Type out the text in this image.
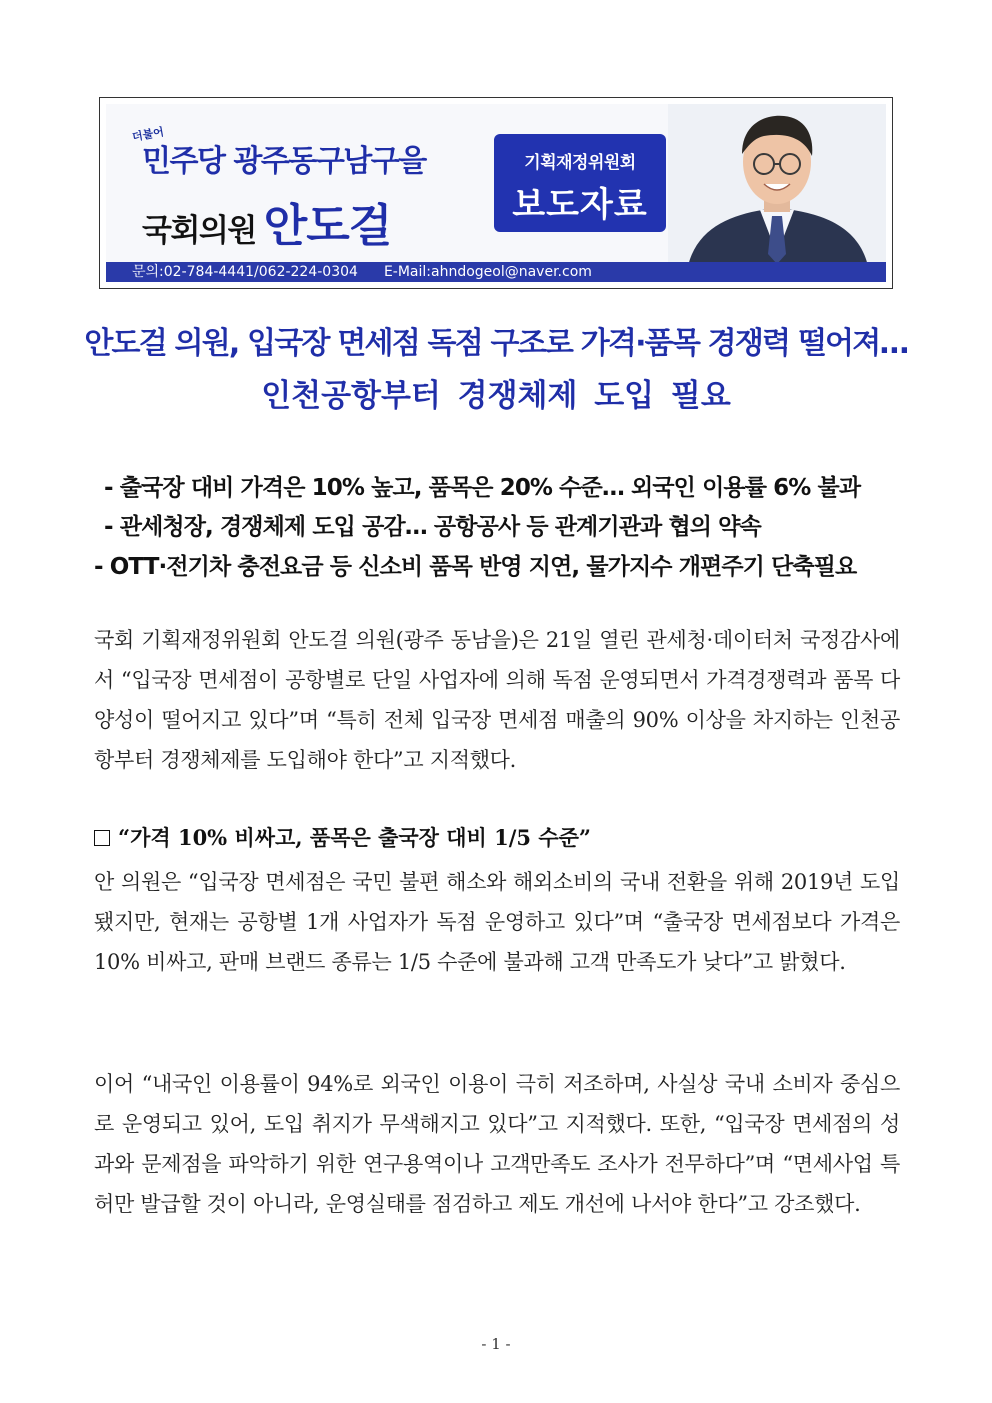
더불어
민주당 광주동구남구을
국회의원 안도걸
기획재정위원회
보도자료
문의:02-784-4441/062-224-0304 E-Mail:ahndogeol@naver.com
안도걸 의원, 입국장 면세점 독점 구조로 가격·품목 경쟁력 떨어져…
인천공항부터 경쟁체제 도입 필요
- 출국장 대비 가격은 10% 높고, 품목은 20% 수준… 외국인 이용률 6% 불과
- 관세청장, 경쟁체제 도입 공감… 공항공사 등 관계기관과 협의 약속
- OTT·전기차 충전요금 등 신소비 품목 반영 지연, 물가지수 개편주기 단축필요
국회 기획재정위원회 안도걸 의원(광주 동남을)은 21일 열린 관세청·데이터처 국정감사에서 “입국장 면세점이 공항별로 단일 사업자에 의해 독점 운영되면서 가격경쟁력과 품목 다양성이 떨어지고 있다”며 “특히 전체 입국장 면세점 매출의 90% 이상을 차지하는 인천공항부터 경쟁체제를 도입해야 한다”고 지적했다.
“가격 10% 비싸고, 품목은 출국장 대비 1/5 수준”
안 의원은 “입국장 면세점은 국민 불편 해소와 해외소비의 국내 전환을 위해 2019년 도입됐지만, 현재는 공항별 1개 사업자가 독점 운영하고 있다”며 “출국장 면세점보다 가격은 10% 비싸고, 판매 브랜드 종류는 1/5 수준에 불과해 고객 만족도가 낮다”고 밝혔다.
이어 “내국인 이용률이 94%로 외국인 이용이 극히 저조하며, 사실상 국내 소비자 중심으로 운영되고 있어, 도입 취지가 무색해지고 있다”고 지적했다. 또한, “입국장 면세점의 성과와 문제점을 파악하기 위한 연구용역이나 고객만족도 조사가 전무하다”며 “면세사업 특허만 발급할 것이 아니라, 운영실태를 점검하고 제도 개선에 나서야 한다”고 강조했다.
- 1 -
